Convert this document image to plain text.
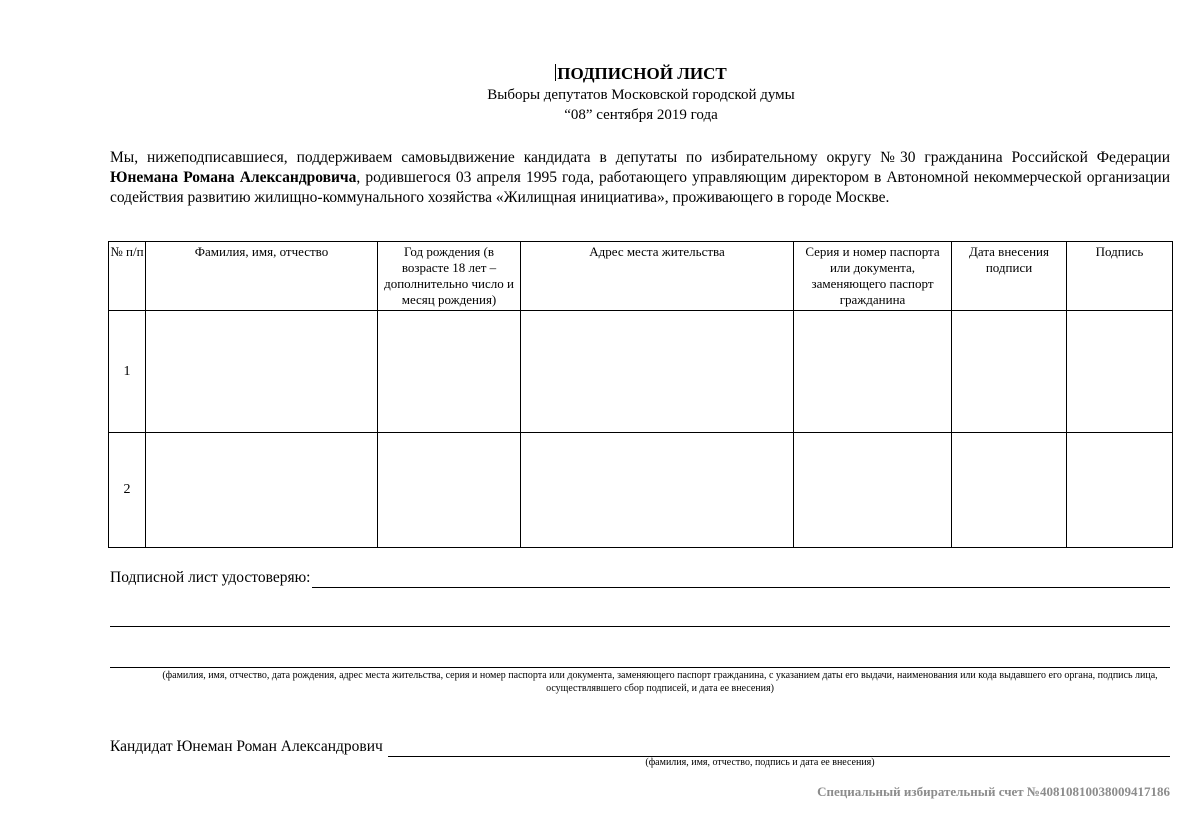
ПОДПИСНОЙ ЛИСТ
Выборы депутатов Московской городской думы
“08” сентября 2019 года
Мы, нижеподписавшиеся, поддерживаем самовыдвижение кандидата в депутаты по избирательному округу №30 гражданина Российской Федерации Юнемана Романа Александровича, родившегося 03 апреля 1995 года, работающего управляющим директором в Автономной некоммерческой организации содействия развитию жилищно-коммунального хозяйства «Жилищная инициатива», проживающего в городе Москве.
№ п/п	Фамилия, имя, отчество	Год рождения (в возрасте 18 лет – дополнительно число и месяц рождения)	Адрес места жительства	Серия и номер паспорта или документа, заменяющего паспорт гражданина	Дата внесения подписи	Подпись
1						
2						
Подписной лист удостоверяю:
(фамилия, имя, отчество, дата рождения, адрес места жительства, серия и номер паспорта или документа, заменяющего паспорт гражданина, с указанием даты его выдачи, наименования или кода выдавшего его органа, подпись лица, осуществлявшего сбор подписей, и дата ее внесения)
Кандидат Юнеман Роман Александрович
(фамилия, имя, отчество, подпись и дата ее внесения)
Специальный избирательный счет №40810810038009417186
